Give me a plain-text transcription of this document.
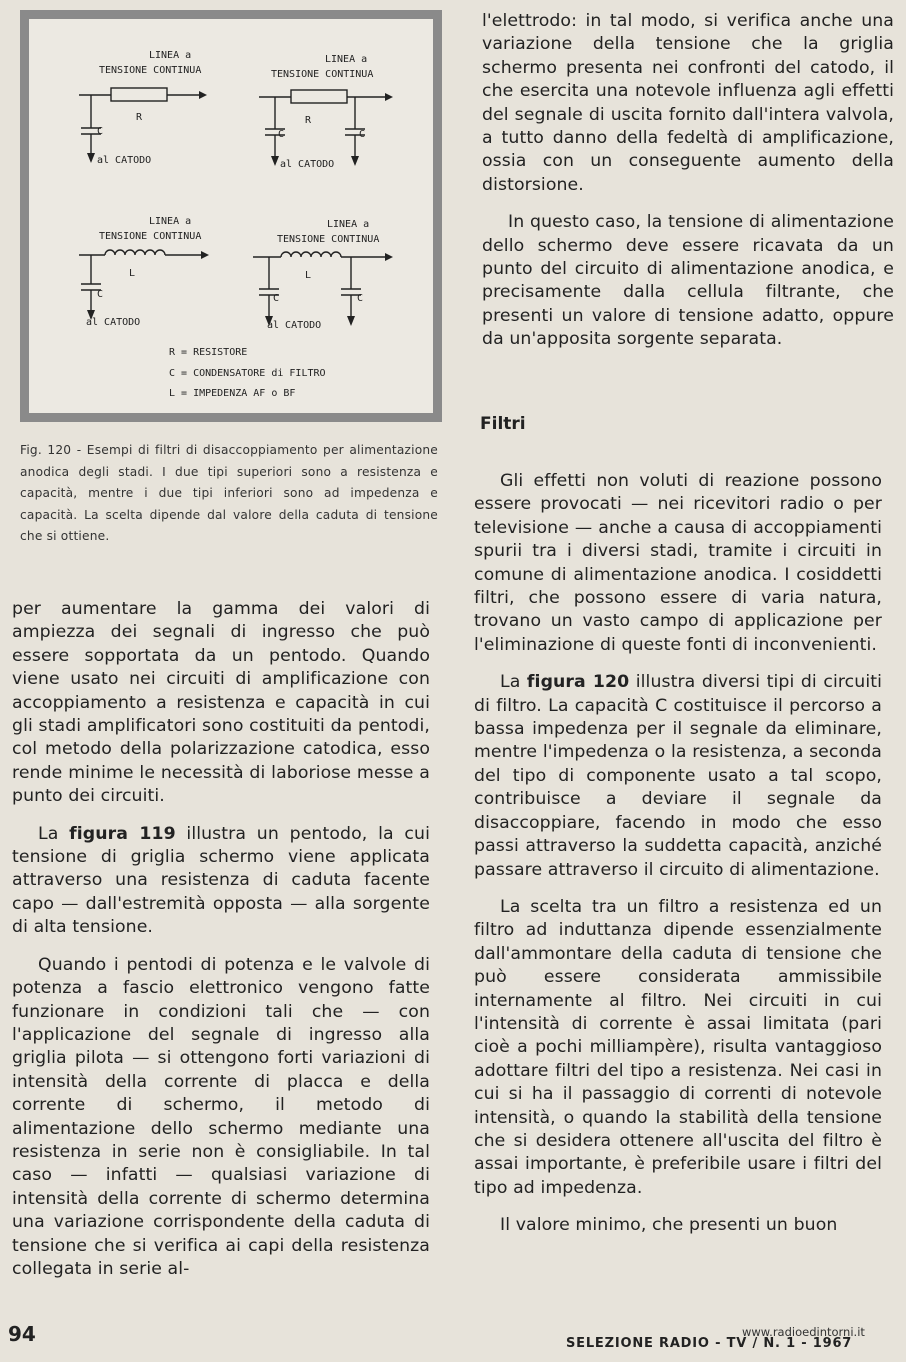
LINEA a
TENSIONE CONTINUA
R
C
al CATODO
LINEA a
TENSIONE CONTINUA
R
C	C
al CATODO
LINEA a
TENSIONE CONTINUA
L
C
al CATODO
LINEA a
TENSIONE CONTINUA
L
C	C
al CATODO
R = RESISTORE
C = CONDENSATORE di FILTRO
L = IMPEDENZA AF o BF
Fig. 120 - Esempi di filtri di disaccoppiamento per alimentazione anodica degli stadi. I due tipi superiori sono a resistenza e capacità, mentre i due tipi inferiori sono ad impedenza e capacità. La scelta dipende dal valore della caduta di tensione che si ottiene.

per aumentare la gamma dei valori di ampiezza dei segnali di ingresso che può essere sopportata da un pentodo. Quando viene usato nei circuiti di amplificazione con accoppiamento a resistenza e capacità in cui gli stadi amplificatori sono costituiti da pentodi, col metodo della polarizzazione catodica, esso rende minime le necessità di laboriose messe a punto dei circuiti.

La figura 119 illustra un pentodo, la cui tensione di griglia schermo viene applicata attraverso una resistenza di caduta facente capo — dall'estremità opposta — alla sorgente di alta tensione.

Quando i pentodi di potenza e le valvole di potenza a fascio elettronico vengono fatte funzionare in condizioni tali che — con l'applicazione del segnale di ingresso alla griglia pilota — si ottengono forti variazioni di intensità della corrente di placca e della corrente di schermo, il metodo di alimentazione dello schermo mediante una resistenza in serie non è consigliabile. In tal caso — infatti — qualsiasi variazione di intensità della corrente di schermo determina una variazione corrispondente della caduta di tensione che si verifica ai capi della resistenza collegata in serie al-

l'elettrodo: in tal modo, si verifica anche una variazione della tensione che la griglia schermo presenta nei confronti del catodo, il che esercita una notevole influenza agli effetti del segnale di uscita fornito dall'intera valvola, a tutto danno della fedeltà di amplificazione, ossia con un conseguente aumento della distorsione.

In questo caso, la tensione di alimentazione dello schermo deve essere ricavata da un punto del circuito di alimentazione anodica, e precisamente dalla cellula filtrante, che presenti un valore di tensione adatto, oppure da un'apposita sorgente separata.

Filtri

Gli effetti non voluti di reazione possono essere provocati — nei ricevitori radio o per televisione — anche a causa di accoppiamenti spurii tra i diversi stadi, tramite i circuiti in comune di alimentazione anodica. I cosiddetti filtri, che possono essere di varia natura, trovano un vasto campo di applicazione per l'eliminazione di queste fonti di inconvenienti.

La figura 120 illustra diversi tipi di circuiti di filtro. La capacità C costituisce il percorso a bassa impedenza per il segnale da eliminare, mentre l'impedenza o la resistenza, a seconda del tipo di componente usato a tal scopo, contribuisce a deviare il segnale da disaccoppiare, facendo in modo che esso passi attraverso la suddetta capacità, anziché passare attraverso il circuito di alimentazione.

La scelta tra un filtro a resistenza ed un filtro ad induttanza dipende essenzialmente dall'ammontare della caduta di tensione che può essere considerata ammissibile internamente al filtro. Nei circuiti in cui l'intensità di corrente è assai limitata (pari cioè a pochi milliampère), risulta vantaggioso adottare filtri del tipo a resistenza. Nei casi in cui si ha il passaggio di correnti di notevole intensità, o quando la stabilità della tensione che si desidera ottenere all'uscita del filtro è assai importante, è preferibile usare i filtri del tipo ad impedenza.

Il valore minimo, che presenti un buon

94	SELEZIONE RADIO - TV / N. 1 - 1967
www.radioedintorni.it
